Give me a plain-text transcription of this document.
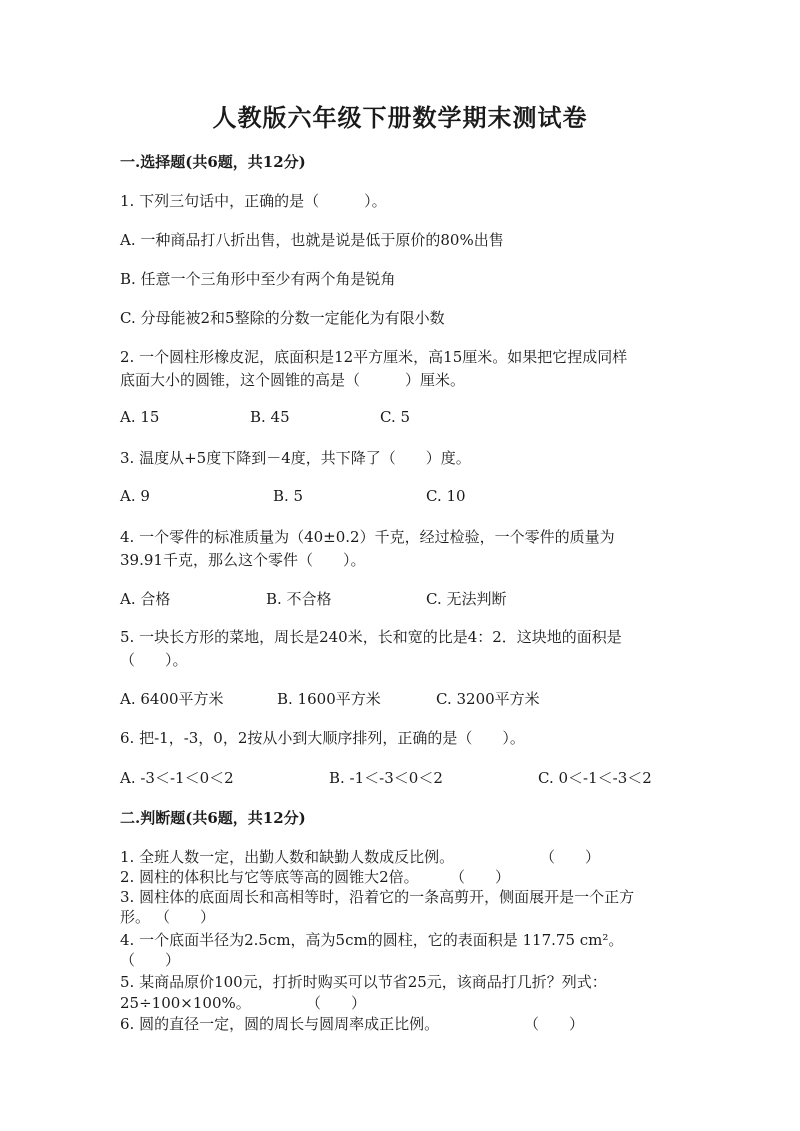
人教版六年级下册数学期末测试卷
一.选择题(共6题，共12分)
1. 下列三句话中，正确的是（　　　）。
A. 一种商品打八折出售，也就是说是低于原价的80%出售
B. 任意一个三角形中至少有两个角是锐角
C. 分母能被2和5整除的分数一定能化为有限小数
2. 一个圆柱形橡皮泥，底面积是12平方厘米，高15厘米。如果把它捏成同样
底面大小的圆锥，这个圆锥的高是（　　　）厘米。
A. 15	B. 45	C. 5
3. 温度从+5度下降到－4度，共下降了（　　）度。
A. 9	B. 5	C. 10
4. 一个零件的标准质量为（40±0.2）千克，经过检验，一个零件的质量为
39.91千克，那么这个零件（　　）。
A. 合格	B. 不合格	C. 无法判断
5. 一块长方形的菜地，周长是240米，长和宽的比是4：2．这块地的面积是
（　　）。
A. 6400平方米	B. 1600平方米	C. 3200平方米
6. 把-1，-3，0，2按从小到大顺序排列，正确的是（　　）。
A. -3＜-1＜0＜2	B. -1＜-3＜0＜2	C. 0＜-1＜-3＜2
二.判断题(共6题，共12分)
1. 全班人数一定，出勤人数和缺勤人数成反比例。	（　　）
2. 圆柱的体积比与它等底等高的圆锥大2倍。 （　　）
3. 圆柱体的底面周长和高相等时，沿着它的一条高剪开，侧面展开是一个正方
形。 （　　）
4. 一个底面半径为2.5cm，高为5cm的圆柱，它的表面积是 117.75 cm²。
（　　）
5. 某商品原价100元，打折时购买可以节省25元，该商品打几折？列式：
25÷100×100%。	（　　）
6. 圆的直径一定，圆的周长与圆周率成正比例。	（　　）
